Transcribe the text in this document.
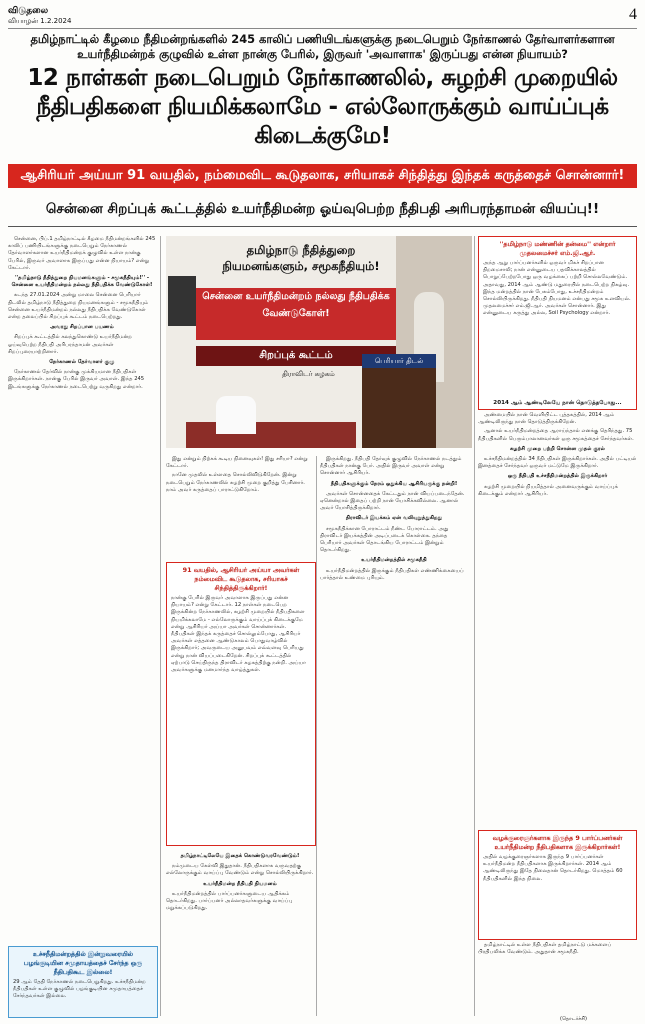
விடுதலை
வியாழன் 1.2.2024	4
தமிழ்நாட்டில் கீழமை நீதிமன்றங்களில் 245 காலிப் பணியிடங்களுக்கு நடைபெறும் நேர்காணல் தேர்வாளர்களான உயர்நீதிமன்றக் குழுவில் உள்ள நான்கு பேரில், இருவர் 'அவாளாக' இருப்பது என்ன நியாயம்?
12 நாள்கள் நடைபெறும் நேர்காணலில், சுழற்சி முறையில் நீதிபதிகளை நியமிக்கலாமே - எல்லோருக்கும் வாய்ப்புக் கிடைக்குமே!
ஆசிரியர் அய்யா 91 வயதில், நம்மைவிட கூடுதலாக, சரியாகச் சிந்தித்து இந்தக் கருத்தைச் சொன்னார்!
சென்னை சிறப்புக் கூட்டத்தில் உயர்நீதிமன்ற ஓய்வுபெற்ற நீதிபதி அரிபரந்தாமன் வியப்பு!!

சென்னை, பிப்.1 தமிழ்நாட்டில் கீழமை நீதிமன்றங்களில் 245 காலிப் பணியிடங்களுக்கு நடைபெறும் நேர்காணல் தேர்வாளர்களான உயர்நீதிமன்றக் குழுவில் உள்ள நான்கு பேரில், இருவர் அவாளாக இருப்பது என்ன நியாயம்? என்று கேட்டார்.

''தமிழ்நாடு நீதித்துறை நியமனங்களும் - சமூகநீதியும்!'' - சென்னை உயர்நீதிமன்றம் நல்லது நீதிபதிக்க வேண்டுகோள்!

கடந்த 27.01.2024 அன்று மாலை சென்னை பெரியார் திடலில் தமிழ்நாடு நீதித்துறை நியமனங்களும் - சமூகநீதியும் சென்னை உயர்நீதிமன்றம் நல்லது நீதிபதிக்க வேண்டுகோள் என்ற தலைப்பில் சிறப்புக் கூட்டம் நடைபெற்றது.

அவரது சிறப்பான பயணம்

சிறப்புக் கூட்டத்தில் கலந்துகொண்டு உயர்நீதிமன்ற ஓய்வுபெற்ற நீதிபதி அரிபரந்தாமன் அவர்கள் சிறப்புரையாற்றினார்.

நேர்காணல் தேர்வாளர் குழு

நேர்காணல் தேர்வில் நான்கு முக்கியமான நீதிபதிகள் இருக்கிறார்கள். நான்கு பேரில் இருவர் அவாள். இந்த 245 இடங்களுக்கு நேர்காணல் நடைபெற்று வருகிறது என்றார்.

தமிழ்நாடு நீதித்துறை நியமனங்களும், சமூகநீதியும்!
சென்னை உயர்நீதிமன்றம் நல்லது நீதிபதிக்க வேண்டுகோள்!
சிறப்புக் கூட்டம்
திராவிடர் கழகம்
பெரியார் திடல்
''தமிழ்நாடு மண்ணின் தன்மை'' என்றார் முதலமைச்சர் எம்.ஜி.ஆர்.
அந்த ஆறு பார்ப்பனர்களில் ஒருவர் மிகச் சிறப்பான திறமைசாலி; நான் என்னுடைய பதவிக்காலத்தில் பொறுப்பேற்றபோது ஒரு வழக்கைப் பற்றி சொல்லவேண்டும். அதாவது, 2014 ஆம் ஆண்டு மதுரையில் நடைபெற்ற நிகழ்வு. இந்த மன்றத்தில் நான் பேசும்போது, உச்சநீதிமன்றம் சொல்லியிருக்கிறது. நீதிபதி நியமனம் என்பது சமூக உளவியல். முதலமைச்சர் எம்.ஜி.ஆர். அவர்கள் சொன்னார். இது என்னுடைய கருத்து அல்ல, Soil Psychology என்றார்.
2014 ஆம் ஆண்டிலேயே நான் தொடுத்தபோது...

இது என்றும் நிற்கக் கூடிய நினைவுகள்! இது சரியா? என்று கேட்டார்.

நானே முதலில் உள்ளதை சொல்லிவிடுகிறேன். இன்று நடைபெறும் நேர்காணலில் சுழற்சி முறை குறித்து பேசினார். நாம் அவர் கருத்தைப் பாராட்டுகிறோம்.

91 வயதில், ஆசிரியர் அய்யா அவர்கள் நம்மைவிட கூடுதலாக, சரியாகச் சிந்தித்திருக்கிறார்!
நான்கு பேரில் இருவர் அவாளாக இருப்பது என்ன நியாயம்? என்று கேட்டார். 12 நாள்கள் நடைபெற இருக்கின்ற நேர்காணலில், சுழற்சி முறையில் நீதிபதிகளை நியமிக்கலாமே - எல்லோருக்கும் வாய்ப்புக் கிடைக்குமே என்று ஆசிரியர் அய்யா அவர்கள் சொன்னார்கள். நீதிபதிகள் இந்தக் கருத்தைச் சொல்லும்போது, ஆசிரியர் அவர்கள் எத்தனை ஆண்டுகாலம் பொதுவாழ்வில் இருக்கிறார்; அவருடைய அனுபவம் எவ்வளவு பெரியது என்று நான் வியப்படைகிறேன். சிறப்புக் கூட்டத்தில் ஏற்பாடு செய்திருந்த திராவிடர் கழகத்திற்கு நன்றி. அய்யா அவர்களுக்கு மனமார்ந்த வாழ்த்துகள்.

தமிழ்நாட்டிலேயே இதைக் கொண்டுவரவேண்டும்!

நம்முடைய கேள்வி இதுதான். நீதிபதிகளாக வருவதற்கு எல்லோருக்கும் வாய்ப்பு வேண்டும் என்று சொல்லியிருக்கிறார்.

உயர்நீதிமன்ற நீதிபதி நியமனம்

உயர்நீதிமன்றத்தில் பார்ப்பனர்களுடைய ஆதிக்கம் தொடர்கிறது. பார்ப்பனர் அல்லாதவர்களுக்கு வாய்ப்பு மறுக்கப்படுகிறது.

இருக்கிறது. நீதிபதி தேர்வுக் குழுவில் நேர்காணல் நடத்தும் நீதிபதிகள் நான்கு பேர். அதில் இருவர் அவாள் என்று சொன்னார் ஆசிரியர்.

நீதிபதிகளுக்கும் நேரம் ஒதுக்கிய ஆசிரியருக்கு நன்றி!

அவர்கள் சொன்னதைக் கேட்டதும் நான் வியப்படைந்தேன். ஏனென்றால் இதைப் பற்றி நான் யோசிக்கவில்லை. ஆனால் அவர் யோசித்திருக்கிறார்.

திராவிடர் இயக்கம் ஏன் வலியுறுத்துகிறது

சமூகநீதிக்கான போராட்டம் நீண்ட போராட்டம். அது திராவிடர் இயக்கத்தின் அடிப்படைக் கொள்கை. தந்தை பெரியார் அவர்கள் தொடங்கிய போராட்டம் இன்றும் தொடர்கிறது.

உயர்நீதிமன்றத்தில் சமூகநீதி

உயர்நீதிமன்றத்தில் இருக்கும் நீதிபதிகள் எண்ணிக்கையைப் பார்த்தால் உண்மை புரியும்.

அண்மையில் நான் வெளியிட்ட புத்தகத்தில், 2014 ஆம் ஆண்டிலிருந்து நான் தொடுத்திருக்கிறேன்.

ஆனால் உயர்நீதிமன்றத்தை ஆராய்ந்தால் எனக்கு தெரிந்தது. 75 நீதிபதிகளில் பெரும்பாலானவர்கள் ஒரு சமூகத்தைச் சேர்ந்தவர்கள்.

சுழற்சி முறை பற்றி சொன்ன முதல் குரல்

உச்சநீதிமன்றத்தில் 34 நீதிபதிகள் இருக்கிறார்கள். அதில் பட்டியல் இனத்தைச் சேர்ந்தவர் ஒருவர் மட்டுமே இருக்கிறார்.

ஒரு நீதிபதி உச்சநீதிமன்றத்தில் இருக்கிறார்

சுழற்சி முறையில் நியமித்தால் அனைவருக்கும் வாய்ப்புக் கிடைக்கும் என்றார் ஆசிரியர்.

வழக்குரைஞர்களாக இருந்த 9 பார்ப்பனர்கள் உயர்நீதிமன்ற நீதிபதிகளாக இருக்கிறார்கள்!
அதில் வழக்குரைஞர்களாக இருந்த 9 பார்ப்பனர்கள் உயர்நீதிமன்ற நீதிபதிகளாக இருக்கிறார்கள். 2014 ஆம் ஆண்டிலிருந்து இதே நிலைதான் தொடர்கிறது. மொத்தம் 60 நீதிபதிகளில் இந்த நிலை.

தமிழ்நாட்டில் உள்ள நீதிபதிகள் தமிழ்நாட்டு மக்களைப் பிரதிபலிக்க வேண்டும். அதுதான் சமூகநீதி.

உச்சநீதிமன்றத்தில் இன்றுவரையில் பழங்குடியின சமுதாயத்தைச் சேர்ந்த ஒரு நீதிபதிகூட இல்லை!
29 ஆம் தேதி நேர்காணல் நடைபெறுகிறது. உச்சநீதிமன்ற நீதிபதிகள் உள்ள குழுவில் பழங்குடியின சமுதாயத்தைச் சேர்ந்தவர்கள் இல்லை.
(தொடர்ச்சி)
